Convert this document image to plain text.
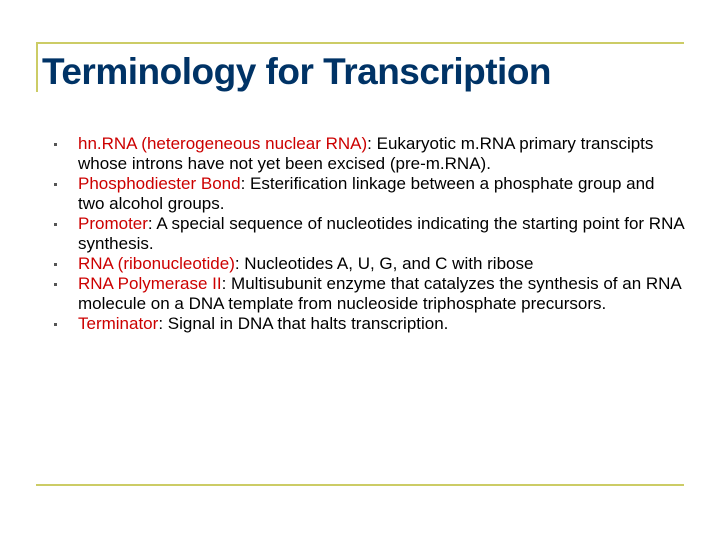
Terminology for Transcription
hn.RNA (heterogeneous nuclear RNA): Eukaryotic m.RNA primary transcipts whose introns have not yet been excised (pre-m.RNA).
Phosphodiester Bond: Esterification linkage between a phosphate group and two alcohol groups.
Promoter: A special sequence of nucleotides indicating the starting point for RNA synthesis.
RNA (ribonucleotide): Nucleotides A, U, G, and C with ribose
RNA Polymerase II: Multisubunit enzyme that catalyzes the synthesis of an RNA molecule on a DNA template from nucleoside triphosphate precursors.
Terminator: Signal in DNA that halts transcription.
